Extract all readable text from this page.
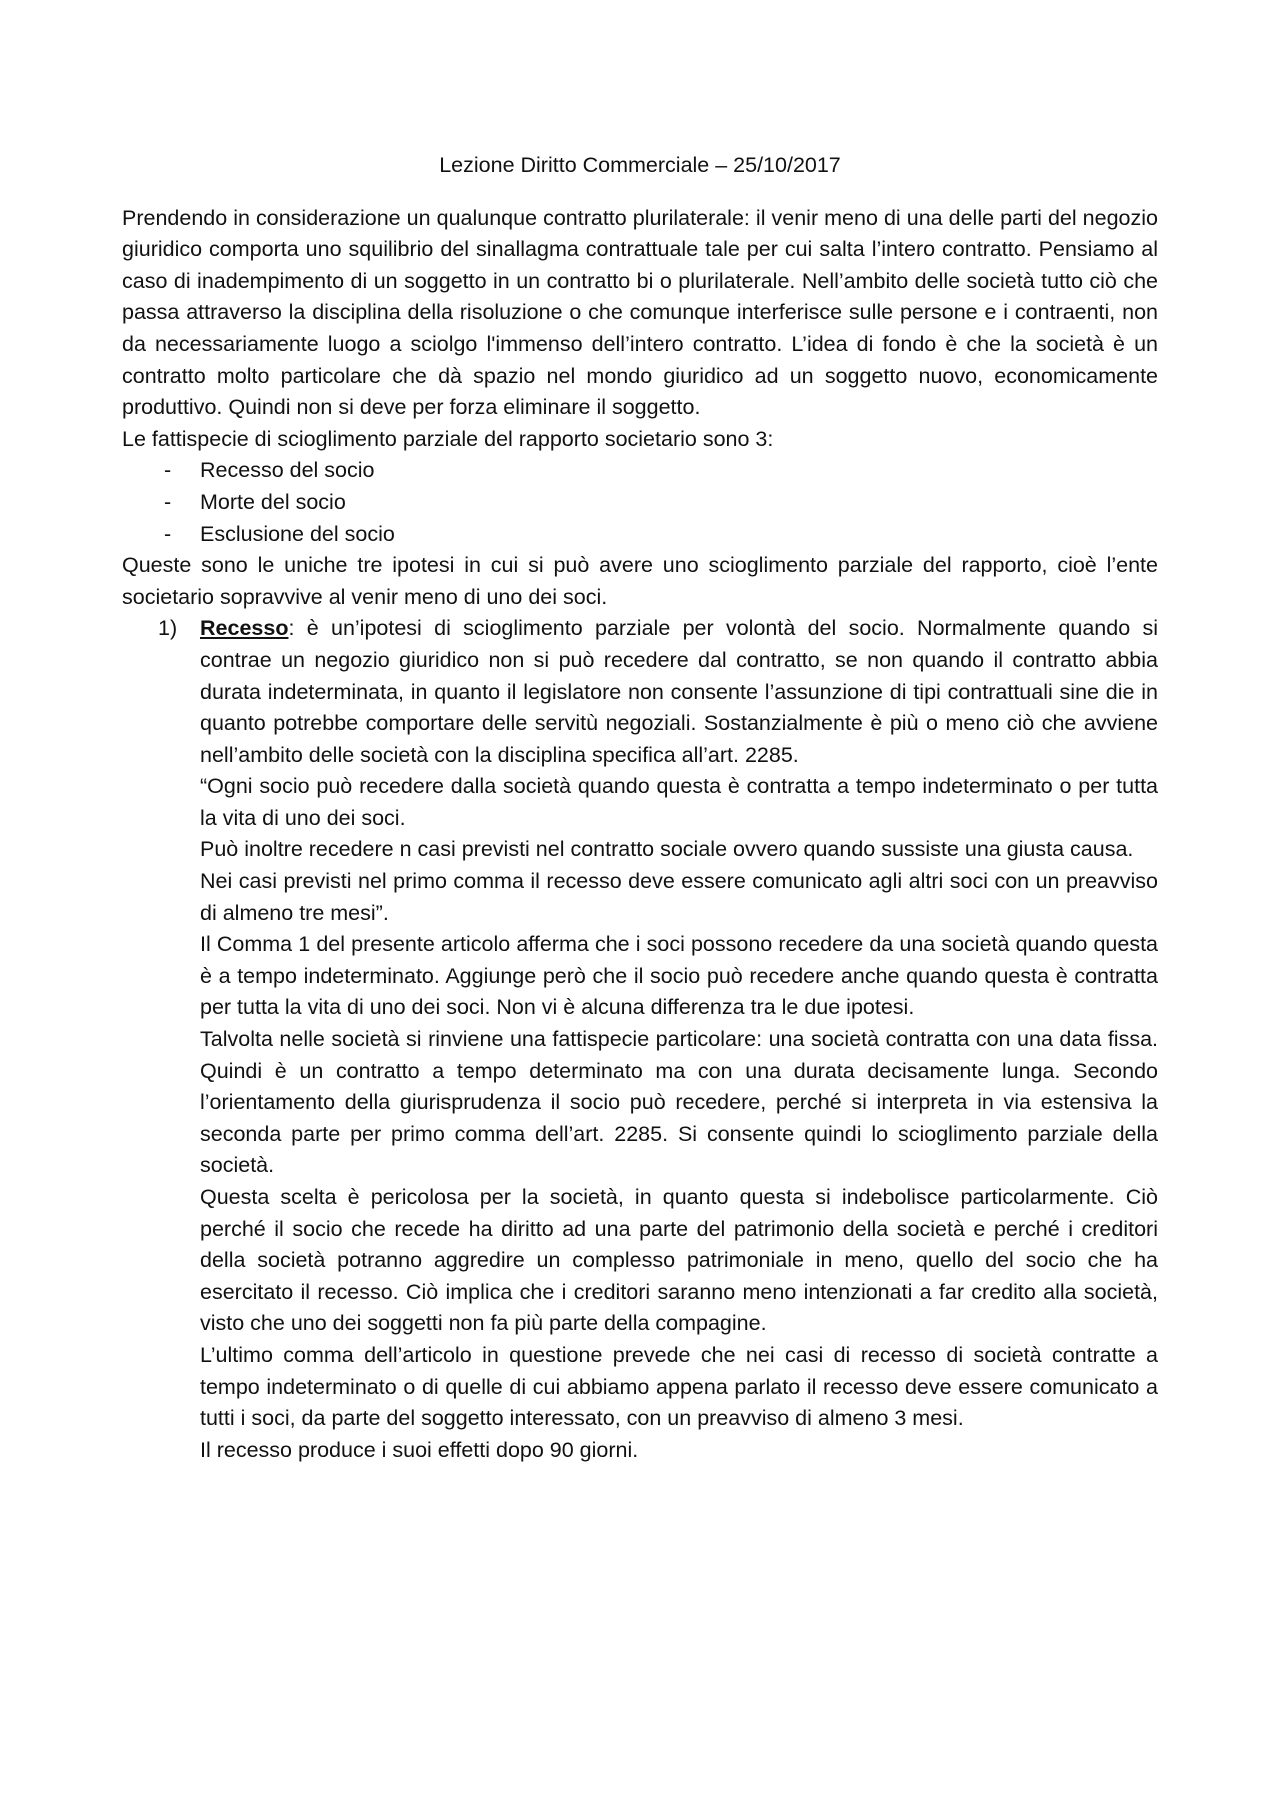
Lezione Diritto Commerciale – 25/10/2017

Prendendo in considerazione un qualunque contratto plurilaterale: il venir meno di una delle parti del negozio giuridico comporta uno squilibrio del sinallagma contrattuale tale per cui salta l’intero contratto. Pensiamo al caso di inadempimento di un soggetto in un contratto bi o plurilaterale. Nell’ambito delle società tutto ciò che passa attraverso la disciplina della risoluzione o che comunque interferisce sulle persone e i contraenti, non da necessariamente luogo a sciolgo l'immenso dell’intero contratto. L’idea di fondo è che la società è un contratto molto particolare che dà spazio nel mondo giuridico ad un soggetto nuovo, economicamente produttivo. Quindi non si deve per forza eliminare il soggetto.

Le fattispecie di scioglimento parziale del rapporto societario sono 3:

- Recesso del socio
- Morte del socio
- Esclusione del socio

Queste sono le uniche tre ipotesi in cui si può avere uno scioglimento parziale del rapporto, cioè l’ente societario sopravvive al venir meno di uno dei soci.

1) Recesso: è un’ipotesi di scioglimento parziale per volontà del socio. Normalmente quando si contrae un negozio giuridico non si può recedere dal contratto, se non quando il contratto abbia durata indeterminata, in quanto il legislatore non consente l’assunzione di tipi contrattuali sine die in quanto potrebbe comportare delle servitù negoziali. Sostanzialmente è più o meno ciò che avviene nell’ambito delle società con la disciplina specifica all’art. 2285.

“Ogni socio può recedere dalla società quando questa è contratta a tempo indeterminato o per tutta la vita di uno dei soci.

Può inoltre recedere n casi previsti nel contratto sociale ovvero quando sussiste una giusta causa.

Nei casi previsti nel primo comma il recesso deve essere comunicato agli altri soci con un preavviso di almeno tre mesi”.

Il Comma 1 del presente articolo afferma che i soci possono recedere da una società quando questa è a tempo indeterminato. Aggiunge però che il socio può recedere anche quando questa è contratta per tutta la vita di uno dei soci. Non vi è alcuna differenza tra le due ipotesi.

Talvolta nelle società si rinviene una fattispecie particolare: una società contratta con una data fissa. Quindi è un contratto a tempo determinato ma con una durata decisamente lunga. Secondo l’orientamento della giurisprudenza il socio può recedere, perché si interpreta in via estensiva la seconda parte per primo comma dell’art. 2285. Si consente quindi lo scioglimento parziale della società.

Questa scelta è pericolosa per la società, in quanto questa si indebolisce particolarmente. Ciò perché il socio che recede ha diritto ad una parte del patrimonio della società e perché i creditori della società potranno aggredire un complesso patrimoniale in meno, quello del socio che ha esercitato il recesso. Ciò implica che i creditori saranno meno intenzionati a far credito alla società, visto che uno dei soggetti non fa più parte della compagine.

L’ultimo comma dell’articolo in questione prevede che nei casi di recesso di società contratte a tempo indeterminato o di quelle di cui abbiamo appena parlato il recesso deve essere comunicato a tutti i soci, da parte del soggetto interessato, con un preavviso di almeno 3 mesi.

Il recesso produce i suoi effetti dopo 90 giorni.
